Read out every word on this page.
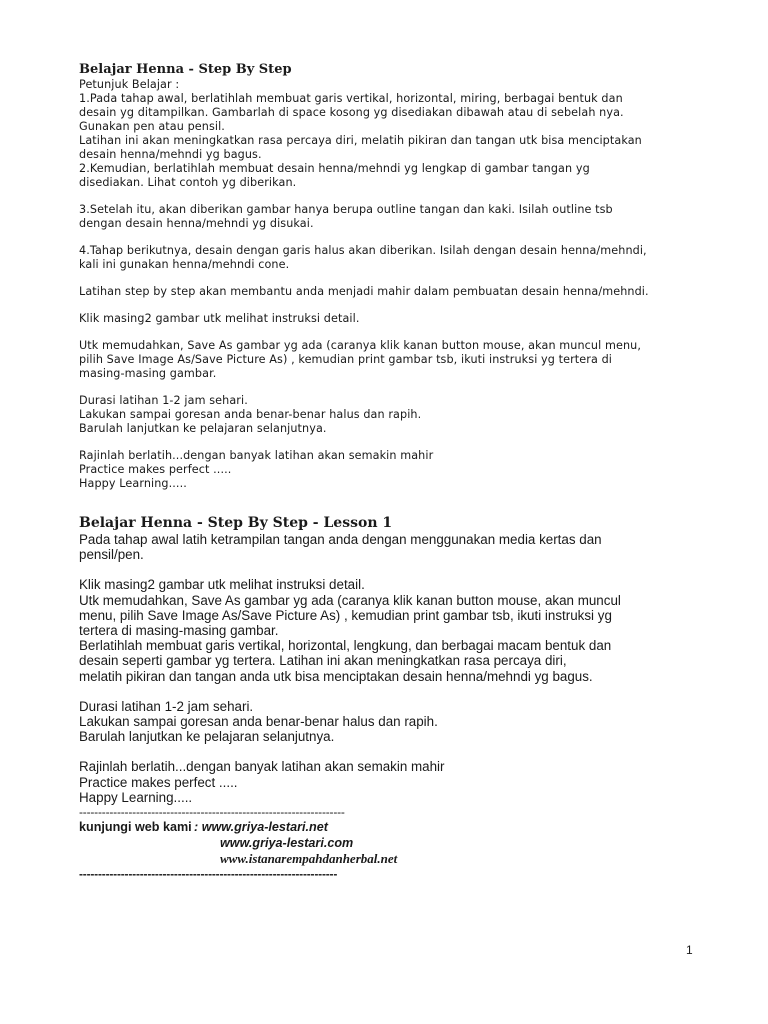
Belajar Henna - Step By Step

Petunjuk Belajar :

1.Pada tahap awal, berlatihlah membuat garis vertikal, horizontal, miring, berbagai bentuk dan

desain yg ditampilkan. Gambarlah di space kosong yg disediakan dibawah atau di sebelah nya.

Gunakan pen atau pensil.

Latihan ini akan meningkatkan rasa percaya diri, melatih pikiran dan tangan utk bisa menciptakan

desain henna/mehndi yg bagus.

2.Kemudian, berlatihlah membuat desain henna/mehndi yg lengkap di gambar tangan yg

disediakan. Lihat contoh yg diberikan.

3.Setelah itu, akan diberikan gambar hanya berupa outline tangan dan kaki. Isilah outline tsb

dengan desain henna/mehndi yg disukai.

4.Tahap berikutnya, desain dengan garis halus akan diberikan. Isilah dengan desain henna/mehndi,

kali ini gunakan henna/mehndi cone.

Latihan step by step akan membantu anda menjadi mahir dalam pembuatan desain henna/mehndi.

Klik masing2 gambar utk melihat instruksi detail.

Utk memudahkan, Save As gambar yg ada (caranya klik kanan button mouse, akan muncul menu,

pilih Save Image As/Save Picture As) , kemudian print gambar tsb, ikuti instruksi yg tertera di

masing-masing gambar.

Durasi latihan 1-2 jam sehari.

Lakukan sampai goresan anda benar-benar halus dan rapih.

Barulah lanjutkan ke pelajaran selanjutnya.

Rajinlah berlatih...dengan banyak latihan akan semakin mahir

Practice makes perfect .....

Happy Learning.....

Belajar Henna - Step By Step - Lesson 1

Pada tahap awal latih ketrampilan tangan anda dengan menggunakan media kertas dan

pensil/pen.

Klik masing2 gambar utk melihat instruksi detail.

Utk memudahkan, Save As gambar yg ada (caranya klik kanan button mouse, akan muncul

menu, pilih Save Image As/Save Picture As) , kemudian print gambar tsb, ikuti instruksi yg

tertera di masing-masing gambar.

Berlatihlah membuat garis vertikal, horizontal, lengkung, dan berbagai macam bentuk dan

desain seperti gambar yg tertera. Latihan ini akan meningkatkan rasa percaya diri,

melatih pikiran dan tangan anda utk bisa menciptakan desain henna/mehndi yg bagus.

Durasi latihan 1-2 jam sehari.

Lakukan sampai goresan anda benar-benar halus dan rapih.

Barulah lanjutkan ke pelajaran selanjutnya.

Rajinlah berlatih...dengan banyak latihan akan semakin mahir

Practice makes perfect .....

Happy Learning.....

----------------------------------------------------------------------
kunjungi web kami : www.griya-lestari.net
www.griya-lestari.com
www.istanarempahdanherbal.net
--------------------------------------------------------------------
1
